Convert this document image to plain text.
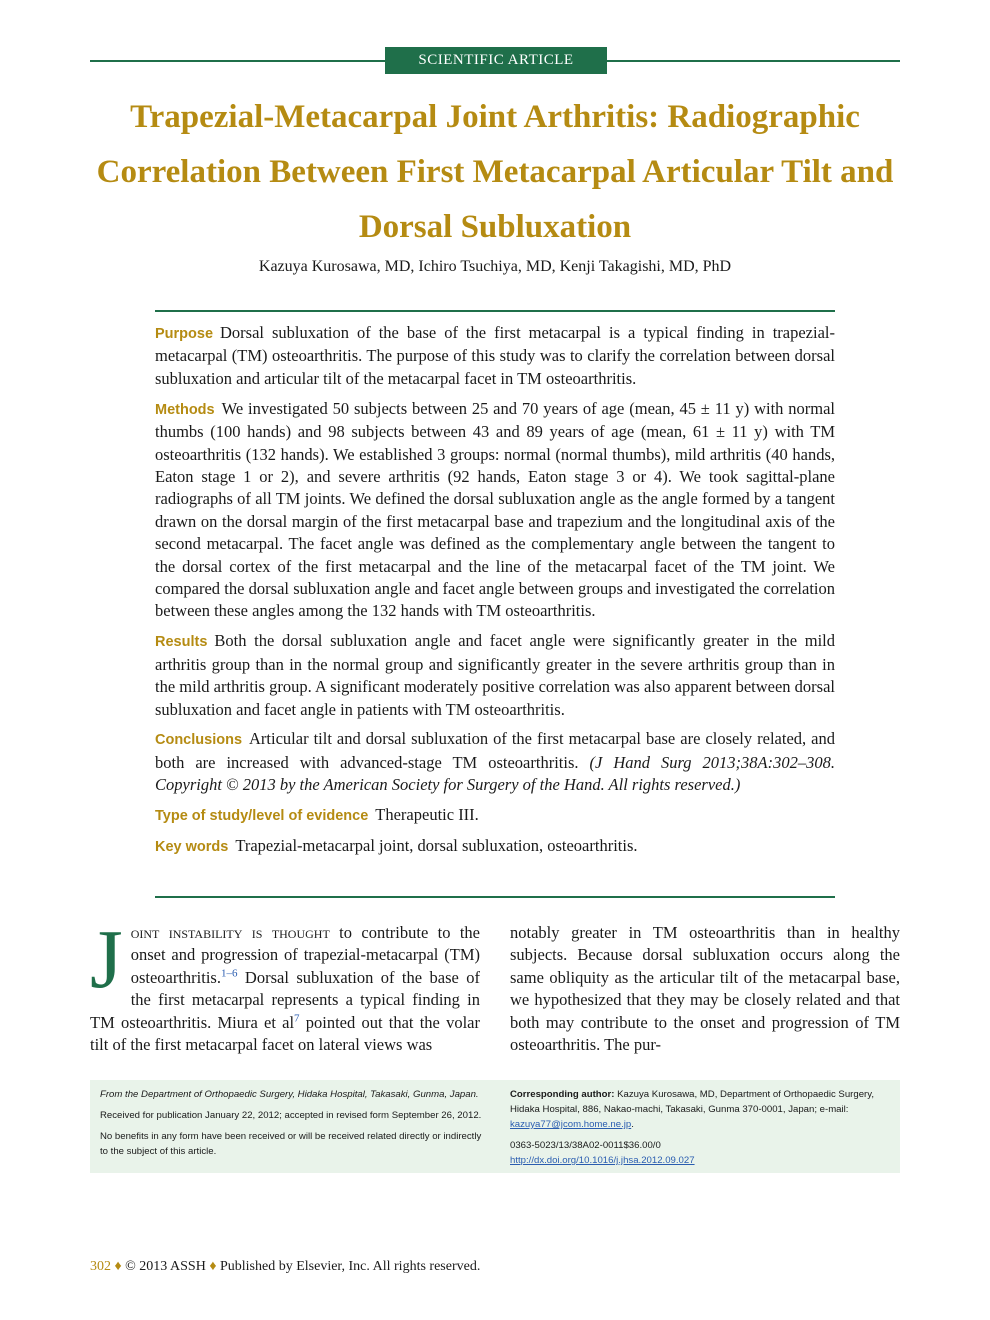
SCIENTIFIC ARTICLE
Trapezial-Metacarpal Joint Arthritis: Radiographic Correlation Between First Metacarpal Articular Tilt and Dorsal Subluxation
Kazuya Kurosawa, MD, Ichiro Tsuchiya, MD, Kenji Takagishi, MD, PhD

Purpose Dorsal subluxation of the base of the first metacarpal is a typical finding in trapezial-metacarpal (TM) osteoarthritis. The purpose of this study was to clarify the correlation between dorsal subluxation and articular tilt of the metacarpal facet in TM osteoarthritis.

Methods We investigated 50 subjects between 25 and 70 years of age (mean, 45 ± 11 y) with normal thumbs (100 hands) and 98 subjects between 43 and 89 years of age (mean, 61 ± 11 y) with TM osteoarthritis (132 hands). We established 3 groups: normal (normal thumbs), mild arthritis (40 hands, Eaton stage 1 or 2), and severe arthritis (92 hands, Eaton stage 3 or 4). We took sagittal-plane radiographs of all TM joints. We defined the dorsal subluxation angle as the angle formed by a tangent drawn on the dorsal margin of the first metacarpal base and trapezium and the longitudinal axis of the second metacarpal. The facet angle was defined as the complementary angle between the tangent to the dorsal cortex of the first metacarpal and the line of the metacarpal facet of the TM joint. We compared the dorsal subluxation angle and facet angle between groups and investigated the correlation between these angles among the 132 hands with TM osteoarthritis.

Results Both the dorsal subluxation angle and facet angle were significantly greater in the mild arthritis group than in the normal group and significantly greater in the severe arthritis group than in the mild arthritis group. A significant moderately positive correlation was also apparent between dorsal subluxation and facet angle in patients with TM osteoarthritis.

Conclusions Articular tilt and dorsal subluxation of the first metacarpal base are closely related, and both are increased with advanced-stage TM osteoarthritis. (J Hand Surg 2013;38A:302–308. Copyright © 2013 by the American Society for Surgery of the Hand. All rights reserved.)

Type of study/level of evidence Therapeutic III.

Key words Trapezial-metacarpal joint, dorsal subluxation, osteoarthritis.

Joint instability is thought to contribute to the onset and progression of trapezial-metacarpal (TM) osteoarthritis.$^{1-6}$ Dorsal subluxation of the base of the first metacarpal represents a typical finding in TM osteoarthritis. Miura et $al^7$ pointed out that the volar tilt of the first metacarpal facet on lateral views was

notably greater in TM osteoarthritis than in healthy subjects. Because dorsal subluxation occurs along the same obliquity as the articular tilt of the metacarpal base, we hypothesized that they may be closely related and that both may contribute to the onset and progression of TM osteoarthritis. The pur-

From the Department of Orthopaedic Surgery, Hidaka Hospital, Takasaki, Gunma, Japan.

Received for publication January 22, 2012; accepted in revised form September 26, 2012.

No benefits in any form have been received or will be received related directly or indirectly to the subject of this article.

Corresponding author: Kazuya Kurosawa, MD, Department of Orthopaedic Surgery, Hidaka Hospital, 886, Nakao-machi, Takasaki, Gunma 370-0001, Japan; e-mail: kazuya77@jcom.home.ne.jp.

0363-5023/13/38A02-0011$36.00/0

http://dx.doi.org/10.1016/j.jhsa.2012.09.027

302 ♦ © 2013 ASSH ♦ Published by Elsevier, Inc. All rights reserved.
